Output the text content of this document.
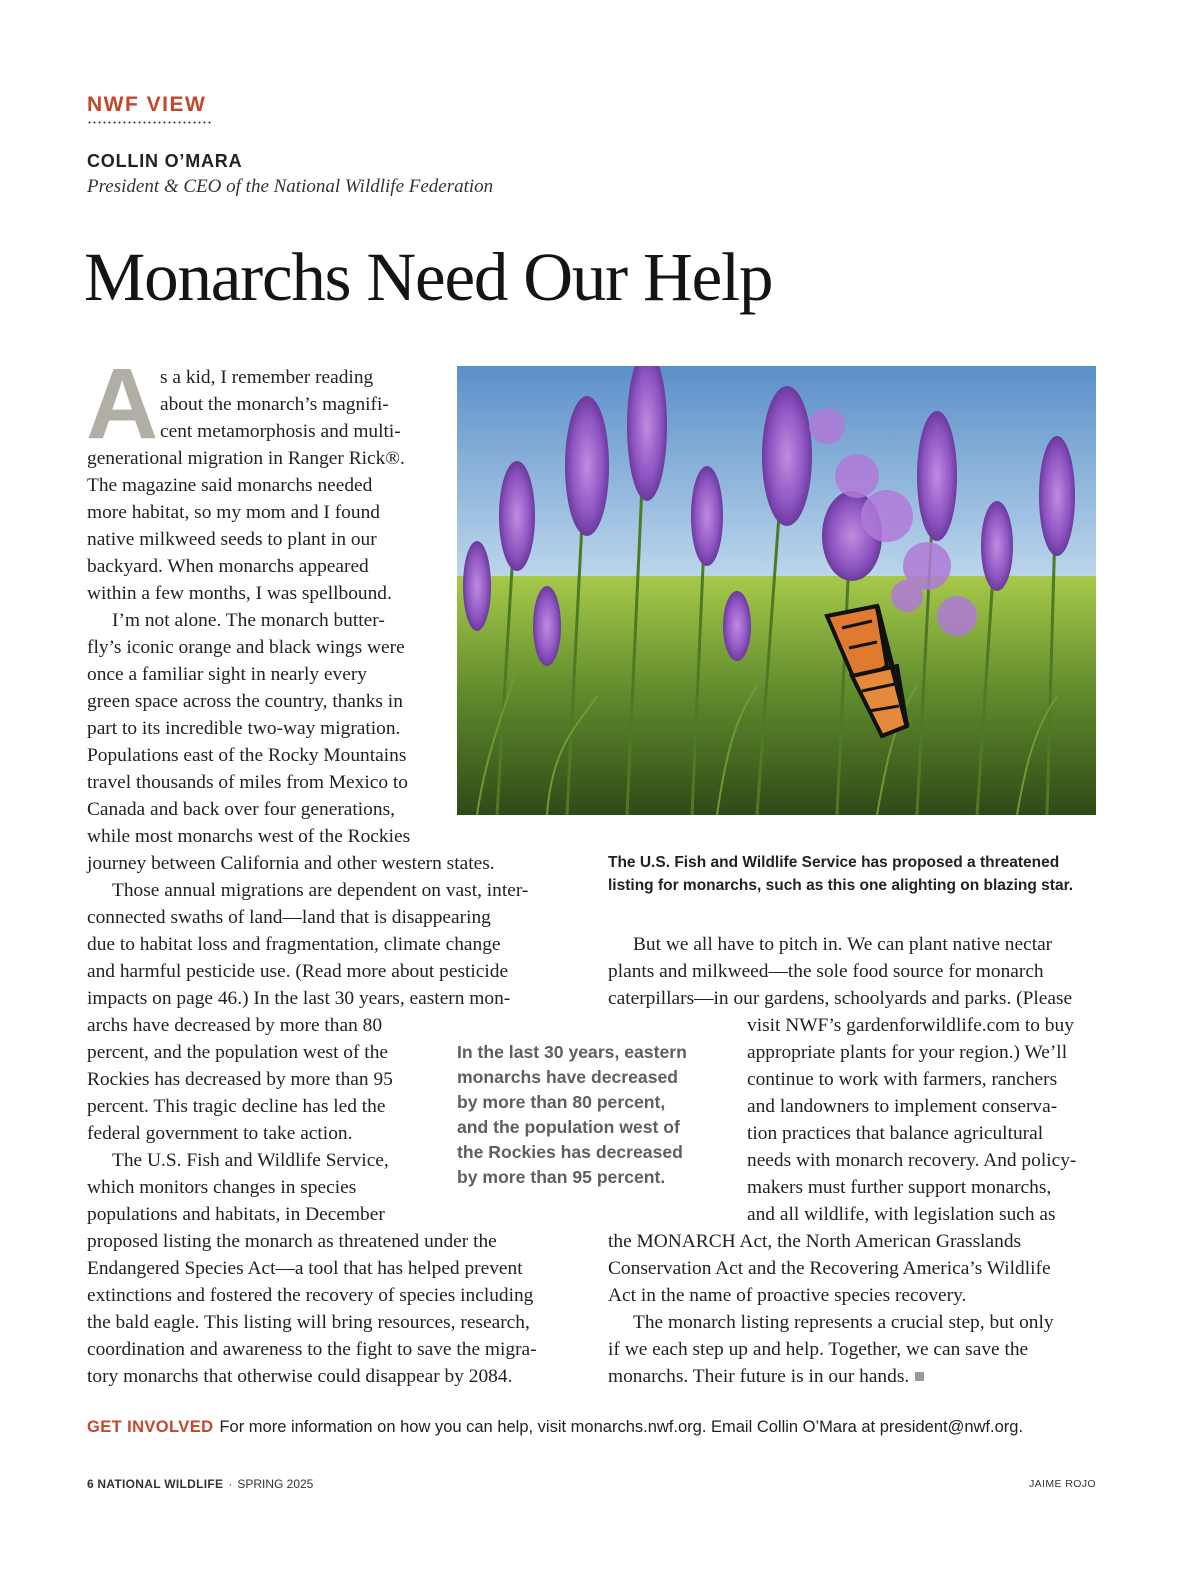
NWF VIEW
COLLIN O’MARA
President & CEO of the National Wildlife Federation
Monarchs Need Our Help
The U.S. Fish and Wildlife Service has proposed a threatened
listing for monarchs, such as this one alighting on blazing star.
A s a kid, I remember reading
about the monarch’s magnifi-
cent metamorphosis and multi-
generational migration in Ranger Rick®.
The magazine said monarchs needed
more habitat, so my mom and I found
native milkweed seeds to plant in our
backyard. When monarchs appeared
within a few months, I was spellbound.
I’m not alone. The monarch butter-
fly’s iconic orange and black wings were
once a familiar sight in nearly every
green space across the country, thanks in
part to its incredible two-way migration.
Populations east of the Rocky Mountains
travel thousands of miles from Mexico to
Canada and back over four generations,
while most monarchs west of the Rockies
journey between California and other western states.
Those annual migrations are dependent on vast, inter-
connected swaths of land—land that is disappearing
due to habitat loss and fragmentation, climate change
and harmful pesticide use. (Read more about pesticide
impacts on page 46.) In the last 30 years, eastern mon-
archs have decreased by more than 80
percent, and the population west of the
Rockies has decreased by more than 95
percent. This tragic decline has led the
federal government to take action.
The U.S. Fish and Wildlife Service,
which monitors changes in species
populations and habitats, in December
proposed listing the monarch as threatened under the
Endangered Species Act—a tool that has helped prevent
extinctions and fostered the recovery of species including
the bald eagle. This listing will bring resources, research,
coordination and awareness to the fight to save the migra-
tory monarchs that otherwise could disappear by 2084.
In the last 30 years, eastern
monarchs have decreased
by more than 80 percent,
and the population west of
the Rockies has decreased
by more than 95 percent.
But we all have to pitch in. We can plant native nectar
plants and milkweed—the sole food source for monarch
caterpillars—in our gardens, schoolyards and parks. (Please
visit NWF’s gardenforwildlife.com to buy
appropriate plants for your region.) We’ll
continue to work with farmers, ranchers
and landowners to implement conserva-
tion practices that balance agricultural
needs with monarch recovery. And policy-
makers must further support monarchs,
and all wildlife, with legislation such as
the MONARCH Act, the North American Grasslands
Conservation Act and the Recovering America’s Wildlife
Act in the name of proactive species recovery.
The monarch listing represents a crucial step, but only
if we each step up and help. Together, we can save the
monarchs. Their future is in our hands.
GET INVOLVED For more information on how you can help, visit monarchs.nwf.org. Email Collin O’Mara at president@nwf.org.
6 NATIONAL WILDLIFE · SPRING 2025	JAIME ROJO
